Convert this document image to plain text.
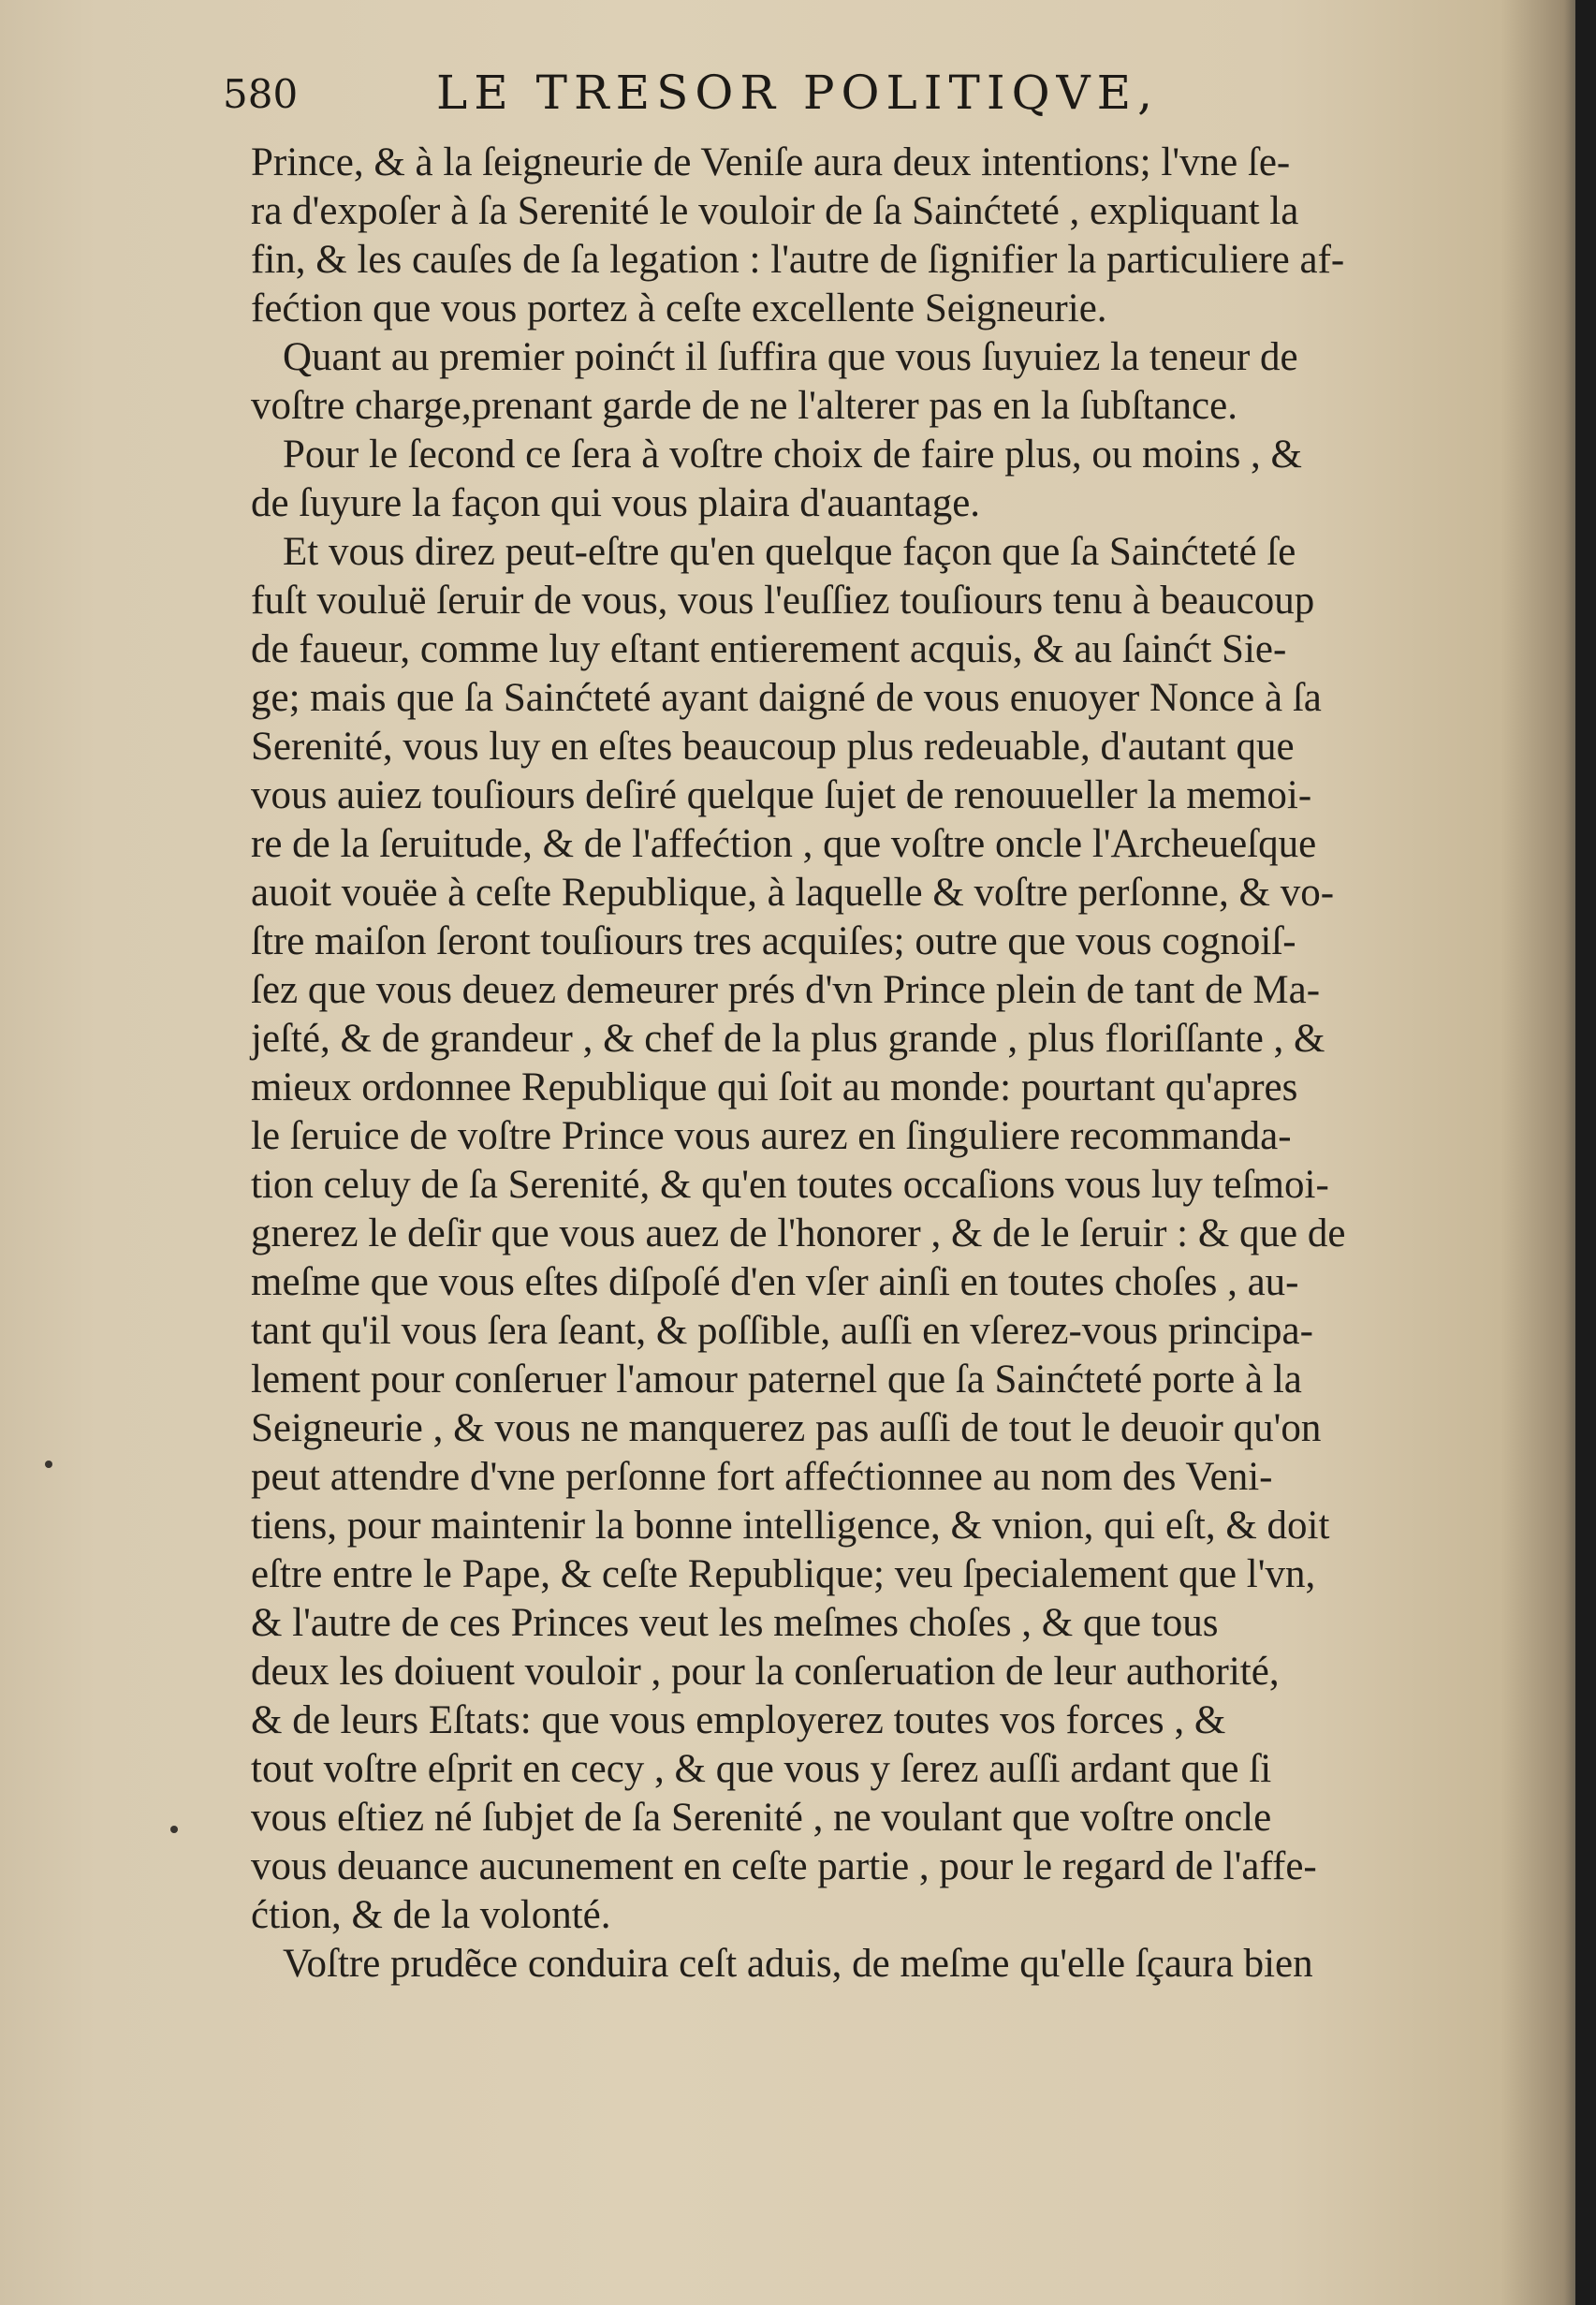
580	LE TRESOR POLITIQVE,
Prince, & à la ſeigneurie de Veniſe aura deux intentions; l'vne ſe-
ra d'expoſer à ſa Serenité le vouloir de ſa Sainćteté , expliquant la
fin, & les cauſes de ſa legation : l'autre de ſignifier la particuliere af-
fećtion que vous portez à ceſte excellente Seigneurie.
Quant au premier poinćt il ſuffira que vous ſuyuiez la teneur de
voſtre charge,prenant garde de ne l'alterer pas en la ſubſtance.
Pour le ſecond ce ſera à voſtre choix de faire plus, ou moins , &
de ſuyure la façon qui vous plaira d'auantage.
Et vous direz peut-eſtre qu'en quelque façon que ſa Sainćteté ſe
fuſt vouluë ſeruir de vous, vous l'euſſiez touſiours tenu à beaucoup
de faueur, comme luy eſtant entierement acquis, & au ſainćt Sie-
ge; mais que ſa Sainćteté ayant daigné de vous enuoyer Nonce à ſa
Serenité, vous luy en eſtes beaucoup plus redeuable, d'autant que
vous auiez touſiours deſiré quelque ſujet de renouueller la memoi-
re de la ſeruitude, & de l'affećtion , que voſtre oncle l'Archeueſque
auoit vouëe à ceſte Republique, à laquelle & voſtre perſonne, & vo-
ſtre maiſon ſeront touſiours tres acquiſes; outre que vous cognoiſ-
ſez que vous deuez demeurer prés d'vn Prince plein de tant de Ma-
jeſté, & de grandeur , & chef de la plus grande , plus floriſſante , &
mieux ordonnee Republique qui ſoit au monde: pourtant qu'apres
le ſeruice de voſtre Prince vous aurez en ſinguliere recommanda-
tion celuy de ſa Serenité, & qu'en toutes occaſions vous luy teſmoi-
gnerez le deſir que vous auez de l'honorer , & de le ſeruir : & que de
meſme que vous eſtes diſpoſé d'en vſer ainſi en toutes choſes , au-
tant qu'il vous ſera ſeant, & poſſible, auſſi en vſerez-vous principa-
lement pour conſeruer l'amour paternel que ſa Sainćteté porte à la
Seigneurie , & vous ne manquerez pas auſſi de tout le deuoir qu'on
peut attendre d'vne perſonne fort affećtionnee au nom des Veni-
tiens, pour maintenir la bonne intelligence, & vnion, qui eſt, & doit
eſtre entre le Pape, & ceſte Republique; veu ſpecialement que l'vn,
& l'autre de ces Princes veut les meſmes choſes , & que tous
deux les doiuent vouloir , pour la conſeruation de leur authorité,
& de leurs Eſtats: que vous employerez toutes vos forces , &
tout voſtre eſprit en cecy , & que vous y ſerez auſſi ardant que ſi
vous eſtiez né ſubjet de ſa Serenité , ne voulant que voſtre oncle
vous deuance aucunement en ceſte partie , pour le regard de l'affe-
ćtion, & de la volonté.
Voſtre prudẽce conduira ceſt aduis, de meſme qu'elle ſçaura bien
